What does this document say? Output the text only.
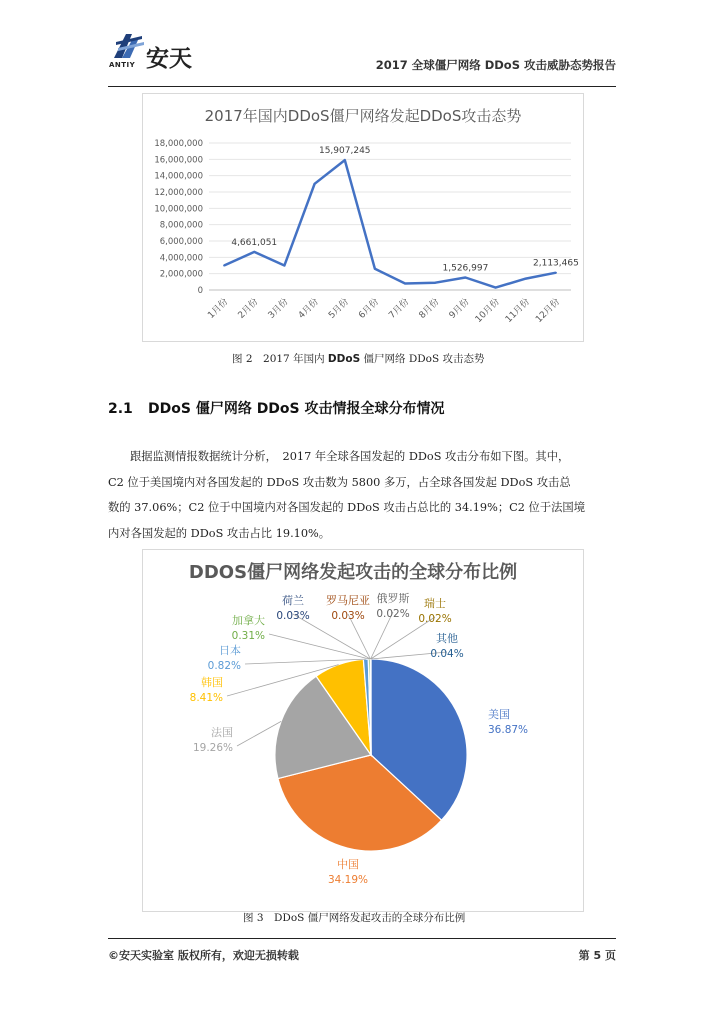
ANTIY 安天	2017 全球僵尸网络 DDoS 攻击威胁态势报告
2017年国内DDoS僵尸网络发起DDoS攻击态势
0
2,000,000
4,000,000
6,000,000
8,000,000
10,000,000
12,000,000
14,000,000
16,000,000
18,000,000
1月份 2月份 3月份 4月份 5月份 6月份 7月份 8月份 9月份 10月份 11月份 12月份
4,661,051
15,907,245
1,526,997	2,113,465
图 2　2017 年国内 DDoS 僵尸网络 DDoS 攻击态势
2.1 DDoS 僵尸网络 DDoS 攻击情报全球分布情况
跟据监测情报数据统计分析，　2017 年全球各国发起的 DDoS 攻击分布如下图。其中，
C2 位于美国境内对各国发起的 DDoS 攻击数为 5800 多万，占全球各国发起 DDoS 攻击总
数的 37.06%；C2 位于中国境内对各国发起的 DDoS 攻击占总比的 34.19%；C2 位于法国境
内对各国发起的 DDoS 攻击占比 19.10%。
DDOS僵尸网络发起攻击的全球分布比例
美国
36.87%
中国
34.19%
法国
19.26%
韩国
8.41%
日本
0.82%
加拿大
0.31%
荷兰
0.03%
罗马尼亚
0.03%
俄罗斯
0.02%
瑞士
0.02%
其他
0.04%
图 3　DDoS 僵尸网络发起攻击的全球分布比例
©安天实验室 版权所有，欢迎无损转载	第 5 页
